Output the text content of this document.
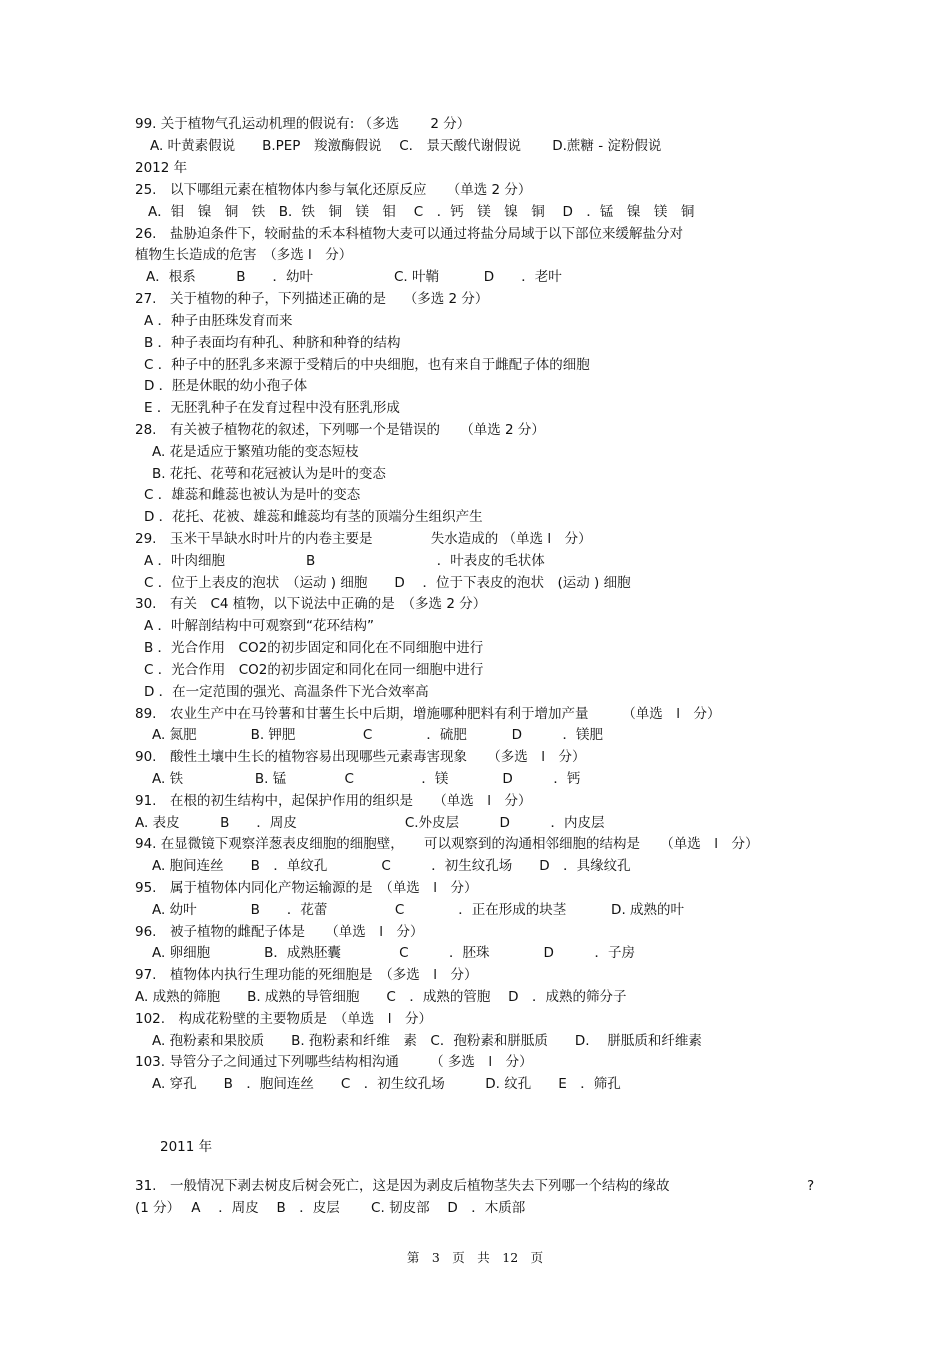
99. 关于植物气孔运动机理的假说有: （多选　　 2 分）
A. 叶黄素假说　　B.PEP　羧激酶假说　 C.　景天酸代谢假说　　 D.蔗糖 - 淀粉假说
2012 年
25.　以下哪组元素在植物体内参与氧化还原反应　　（单选 2 分）
A．钼　镍　铜　铁　B．铁　铜　镁　钼　 C　．钙　镁　镍　铜　 D　．锰　镍　镁　铜
26.　盐胁迫条件下，较耐盐的禾本科植物大麦可以通过将盐分局域于以下部位来缓解盐分对
植物生长造成的危害　（多选 l　分）
A．根系　　　B　　．幼叶　　　　　　C. 叶鞘　　　 D　　．老叶
27.　关于植物的种子，下列描述正确的是　 （多选 2 分）
A ．种子由胚珠发育而来
B ．种子表面均有种孔、种脐和种脊的结构
C ．种子中的胚乳多来源于受精后的中央细胞，也有来自于雌配子体的细胞
D ．胚是休眠的幼小孢子体
E ．无胚乳种子在发育过程中没有胚乳形成
28.　有关被子植物花的叙述，下列哪一个是错误的　　（单选 2 分）
A. 花是适应于繁殖功能的变态短枝
B. 花托、花萼和花冠被认为是叶的变态
C ．雄蕊和雌蕊也被认为是叶的变态
D ．花托、花被、雄蕊和雌蕊均有茎的顶端分生组织产生
29.　玉米干旱缺水时叶片的内卷主要是　　　　 失水造成的 （单选 l　分）
A ．叶肉细胞　　　　　　B　　　　　　　　　．叶表皮的毛状体
C ．位于上表皮的泡状　（运动 ) 细胞　　D　 ．位于下表皮的泡状　(运动 ) 细胞
30.　有关　C4 植物，以下说法中正确的是　（多选 2 分）
A ．叶解剖结构中可观察到“花环结构”
B ．光合作用　CO2的初步固定和同化在不同细胞中进行
C ．光合作用　CO2的初步固定和同化在同一细胞中进行
D ．在一定范围的强光、高温条件下光合效率高
89.　农业生产中在马铃薯和甘薯生长中后期，增施哪种肥料有利于增加产量　　　（单选　l　分）
A. 氮肥　　　　B. 钾肥　　　　　C　　　　．硫肥　　　 D　　　．镁肥
90.　酸性土壤中生长的植物容易出现哪些元素毒害现象　　（多选　l　分）
A. 铁　　　　　 B. 锰　　　　 C　　　　　．镁　　　　D　　　．钙
91.　在根的初生结构中，起保护作用的组织是　　（单选　l　分）
A. 表皮　　　B　　．周皮　　　　　　　　C.外皮层　　　D　　　．内皮层
94. 在显微镜下观察洋葱表皮细胞的细胞壁，　　可以观察到的沟通相邻细胞的结构是　　（单选　l　分）
A. 胞间连丝　　B　．单纹孔　　　　C　　　．初生纹孔场　　D　．具缘纹孔
95.　属于植物体内同化产物运输源的是　（单选　l　分）
A. 幼叶　　　　B　　．花蕾　　　　　C　　　　．正在形成的块茎　　　 D. 成熟的叶
96.　被子植物的雌配子体是　　（单选　l　分）
A. 卵细胞　　　　B．成熟胚囊　　　　 C　　　．胚珠　　　　D　　　．子房
97.　植物体内执行生理功能的死细胞是　（多选　l　分）
A. 成熟的筛胞　　B. 成熟的导管细胞　　C　．成熟的管胞　 D　．成熟的筛分子
102.　构成花粉壁的主要物质是　（单选　l　分）
A. 孢粉素和果胶质　　B. 孢粉素和纤维　素　C．孢粉素和胼胝质　　D.　 胼胝质和纤维素
103. 导管分子之间通过下列哪些结构相沟通　　 （ 多选　l　分）
A. 穿孔　　B　．胞间连丝　　C　．初生纹孔场　　　D. 纹孔　　E　．筛孔
2011 年
31.　一般情况下剥去树皮后树会死亡，这是因为剥皮后植物茎失去下列哪一个结构的缘故	?
(1 分）　 A　 ．周皮　 B　．皮层　　 C. 韧皮部　 D　．木质部
第　3　页　共　12　页
